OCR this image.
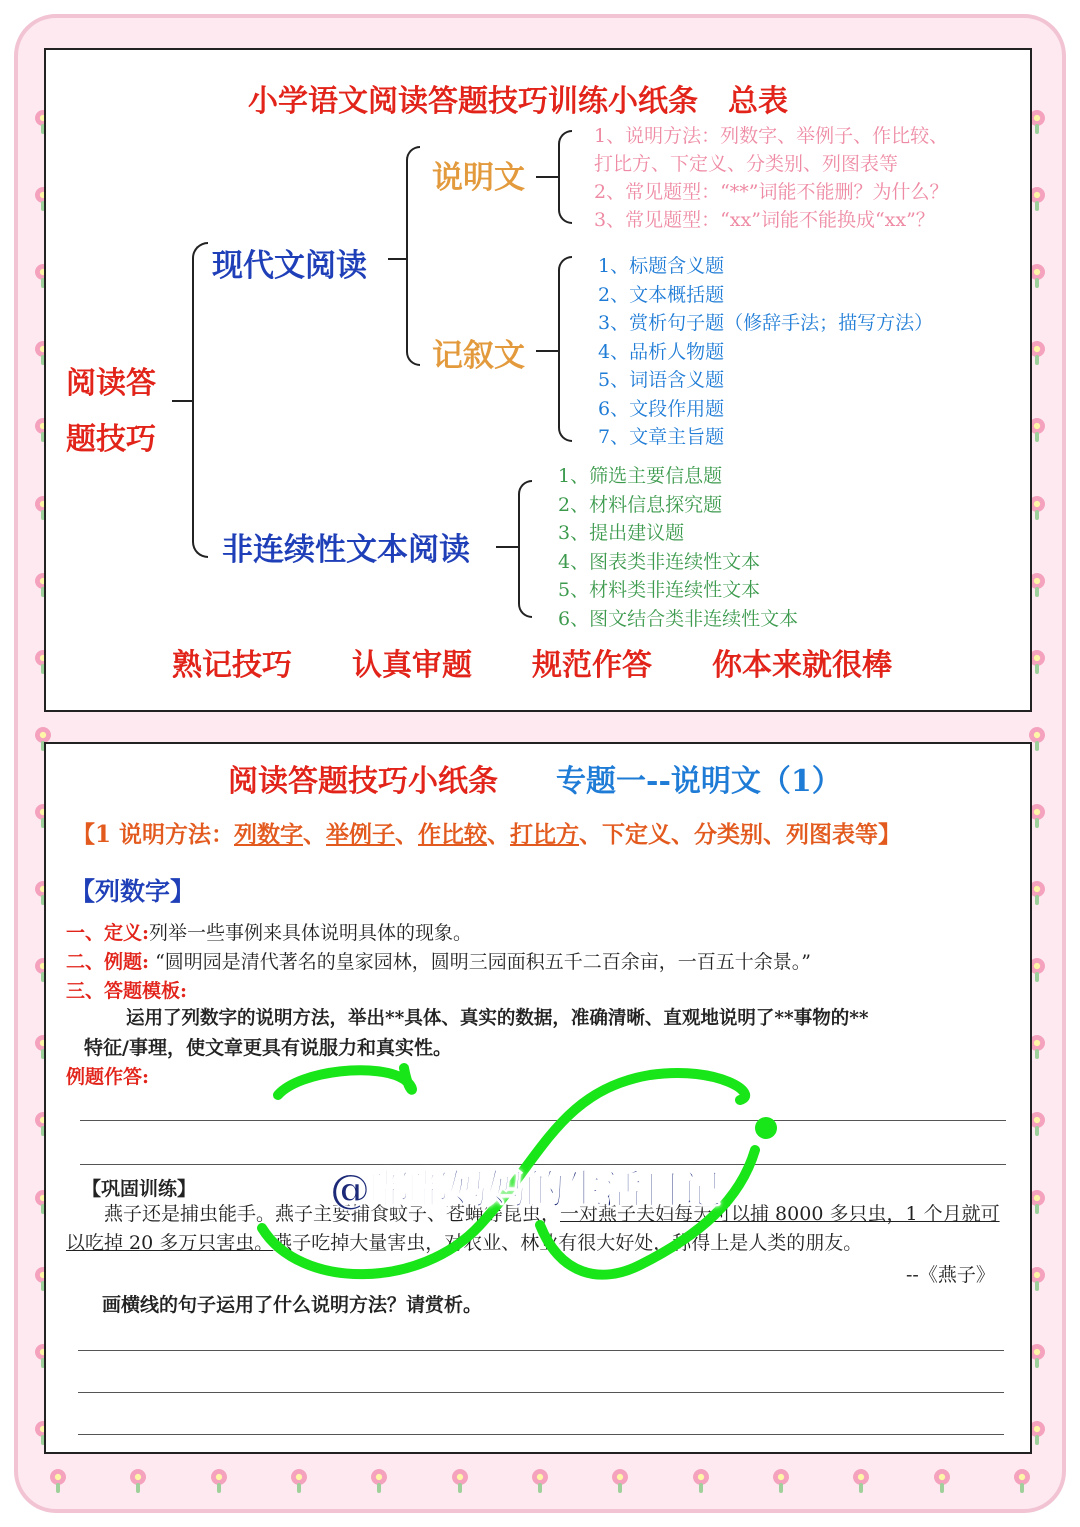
小学语文阅读答题技巧训练小纸条　总表
阅读答
题技巧
现代文阅读
说明文
1、说明方法：列数字、举例子、作比较、
打比方、下定义、分类别、列图表等
2、常见题型：“**”词能不能删？为什么？
3、常见题型：“xx”词能不能换成“xx”？
记叙文
1、标题含义题
2、文本概括题
3、赏析句子题（修辞手法；描写方法）
4、品析人物题
5、词语含义题
6、文段作用题
7、文章主旨题
非连续性文本阅读
1、筛选主要信息题
2、材料信息探究题
3、提出建议题
4、图表类非连续性文本
5、材料类非连续性文本
6、图文结合类非连续性文本
熟记技巧 认真审题 规范作答 你本来就很棒
阅读答题技巧小纸条 专题一--说明文（1）
【1 说明方法：列数字、举例子、作比较、打比方、下定义、分类别、列图表等】
【列数字】
一、定义:列举一些事例来具体说明具体的现象。
二、例题: “圆明园是清代著名的皇家园林，圆明三园面积五千二百余亩，一百五十余景。”
三、答题模板:
运用了列数字的说明方法，举出**具体、真实的数据，准确清晰、直观地说明了**事物的**
特征/事理，使文章更具有说服力和真实性。
例题作答:
【巩固训练】
燕子还是捕虫能手。燕子主要捕食蚊子、苍蝇等昆虫，一对燕子夫妇每天可以捕 8000 多只虫，1 个月就可以吃掉 20 多万只害虫。燕子吃掉大量害虫，对农业、林业有很大好处，称得上是人类的朋友。
--《燕子》
画横线的句子运用了什么说明方法？请赏析。
@嘟嘟妈妈的生活日记
